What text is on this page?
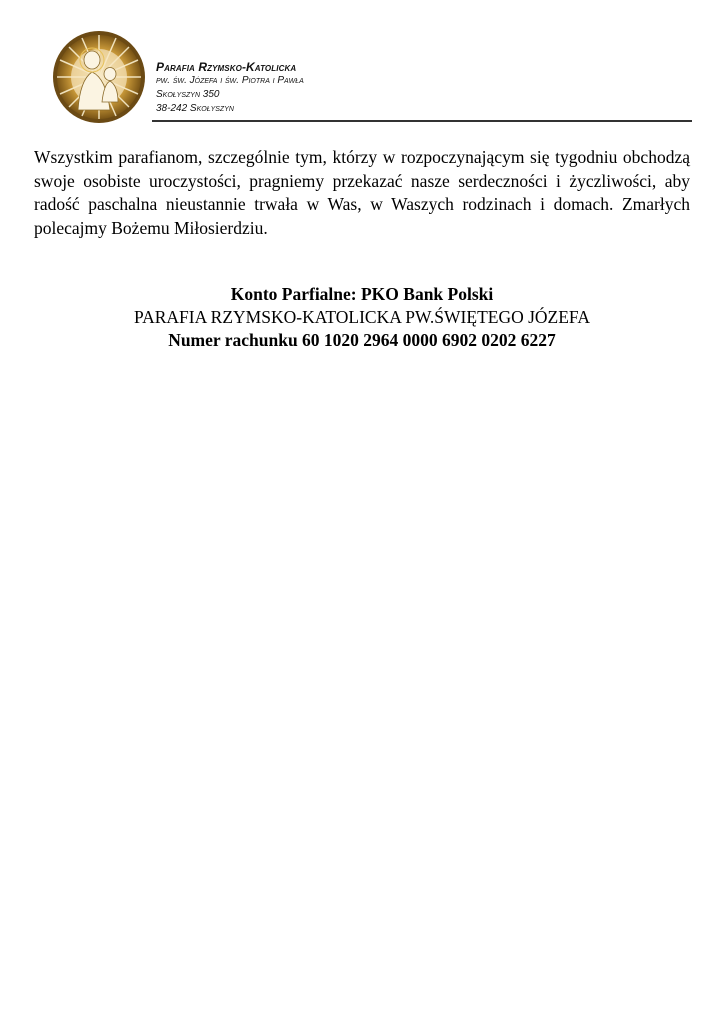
Parafia Rzymsko-Katolicka
pw. św. Józefa i św. Piotra i Pawła
Skołyszyn 350
38-242 Skołyszyn
Wszystkim parafianom, szczególnie tym, którzy w rozpoczynającym się tygodniu obchodzą swoje osobiste uroczystości, pragniemy przekazać nasze serdeczności i życzliwości, aby radość paschalna nieustannie trwała w Was, w Waszych rodzinach i domach. Zmarłych polecajmy Bożemu Miłosierdziu.
Konto Parfialne: PKO Bank Polski
PARAFIA RZYMSKO-KATOLICKA PW.ŚWIĘTEGO JÓZEFA
Numer rachunku 60 1020 2964 0000 6902 0202 6227
